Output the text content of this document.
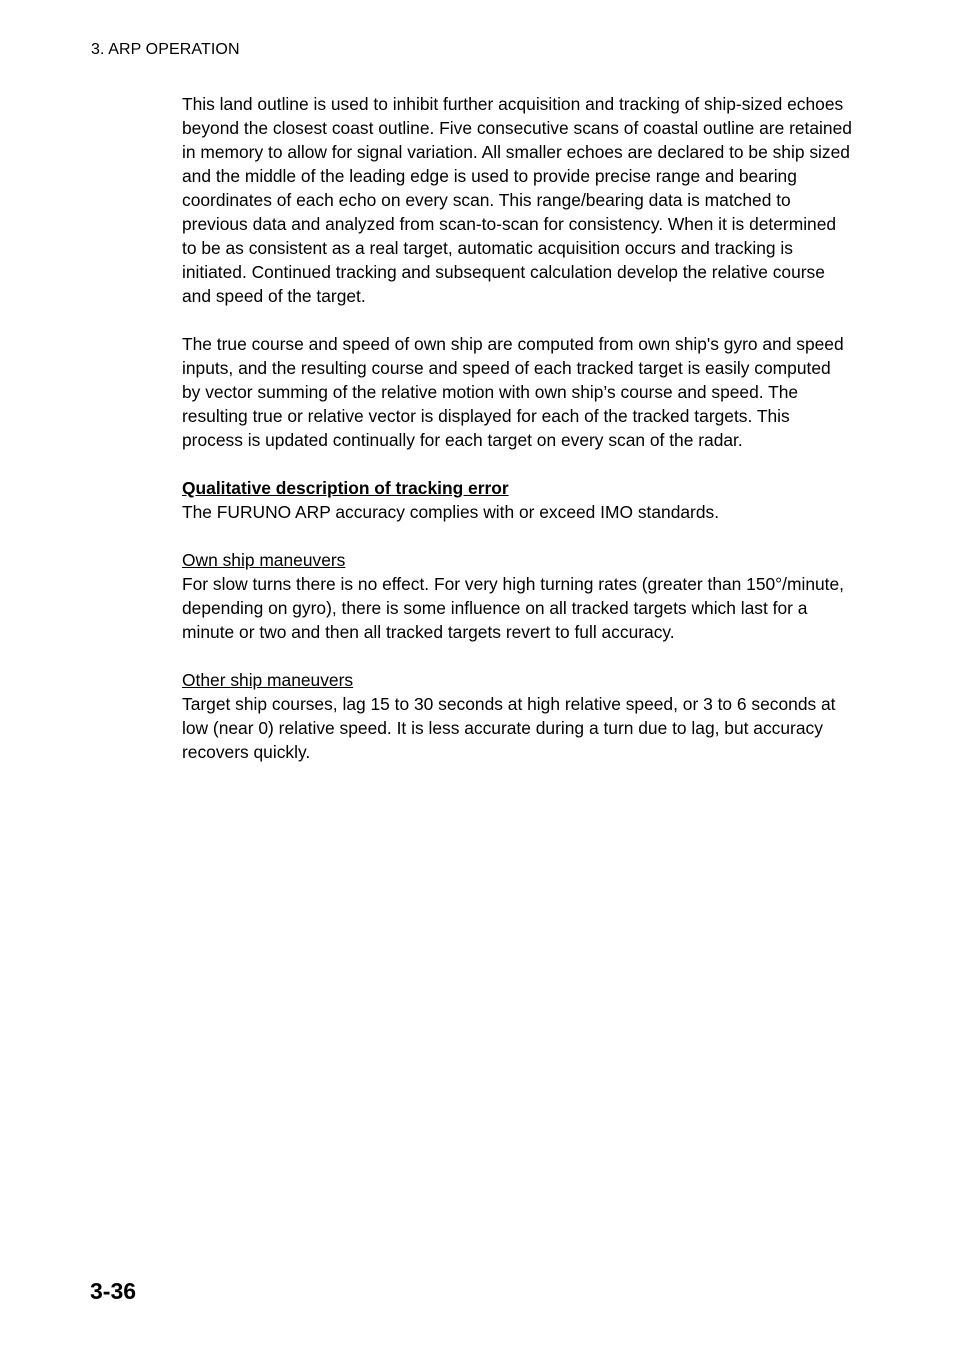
3. ARP OPERATION

This land outline is used to inhibit further acquisition and tracking of ship-sized echoes beyond the closest coast outline. Five consecutive scans of coastal outline are retained in memory to allow for signal variation. All smaller echoes are declared to be ship sized and the middle of the leading edge is used to provide precise range and bearing coordinates of each echo on every scan. This range/bearing data is matched to previous data and analyzed from scan-to-scan for consistency. When it is determined to be as consistent as a real target, automatic acquisition occurs and tracking is initiated. Continued tracking and subsequent calculation develop the relative course and speed of the target.

The true course and speed of own ship are computed from own ship's gyro and speed inputs, and the resulting course and speed of each tracked target is easily computed by vector summing of the relative motion with own ship’s course and speed. The resulting true or relative vector is displayed for each of the tracked targets. This process is updated continually for each target on every scan of the radar.

Qualitative description of tracking error

The FURUNO ARP accuracy complies with or exceed IMO standards.

Own ship maneuvers

For slow turns there is no effect. For very high turning rates (greater than 150°/minute, depending on gyro), there is some influence on all tracked targets which last for a minute or two and then all tracked targets revert to full accuracy.

Other ship maneuvers

Target ship courses, lag 15 to 30 seconds at high relative speed, or 3 to 6 seconds at low (near 0) relative speed. It is less accurate during a turn due to lag, but accuracy recovers quickly.

3-36
